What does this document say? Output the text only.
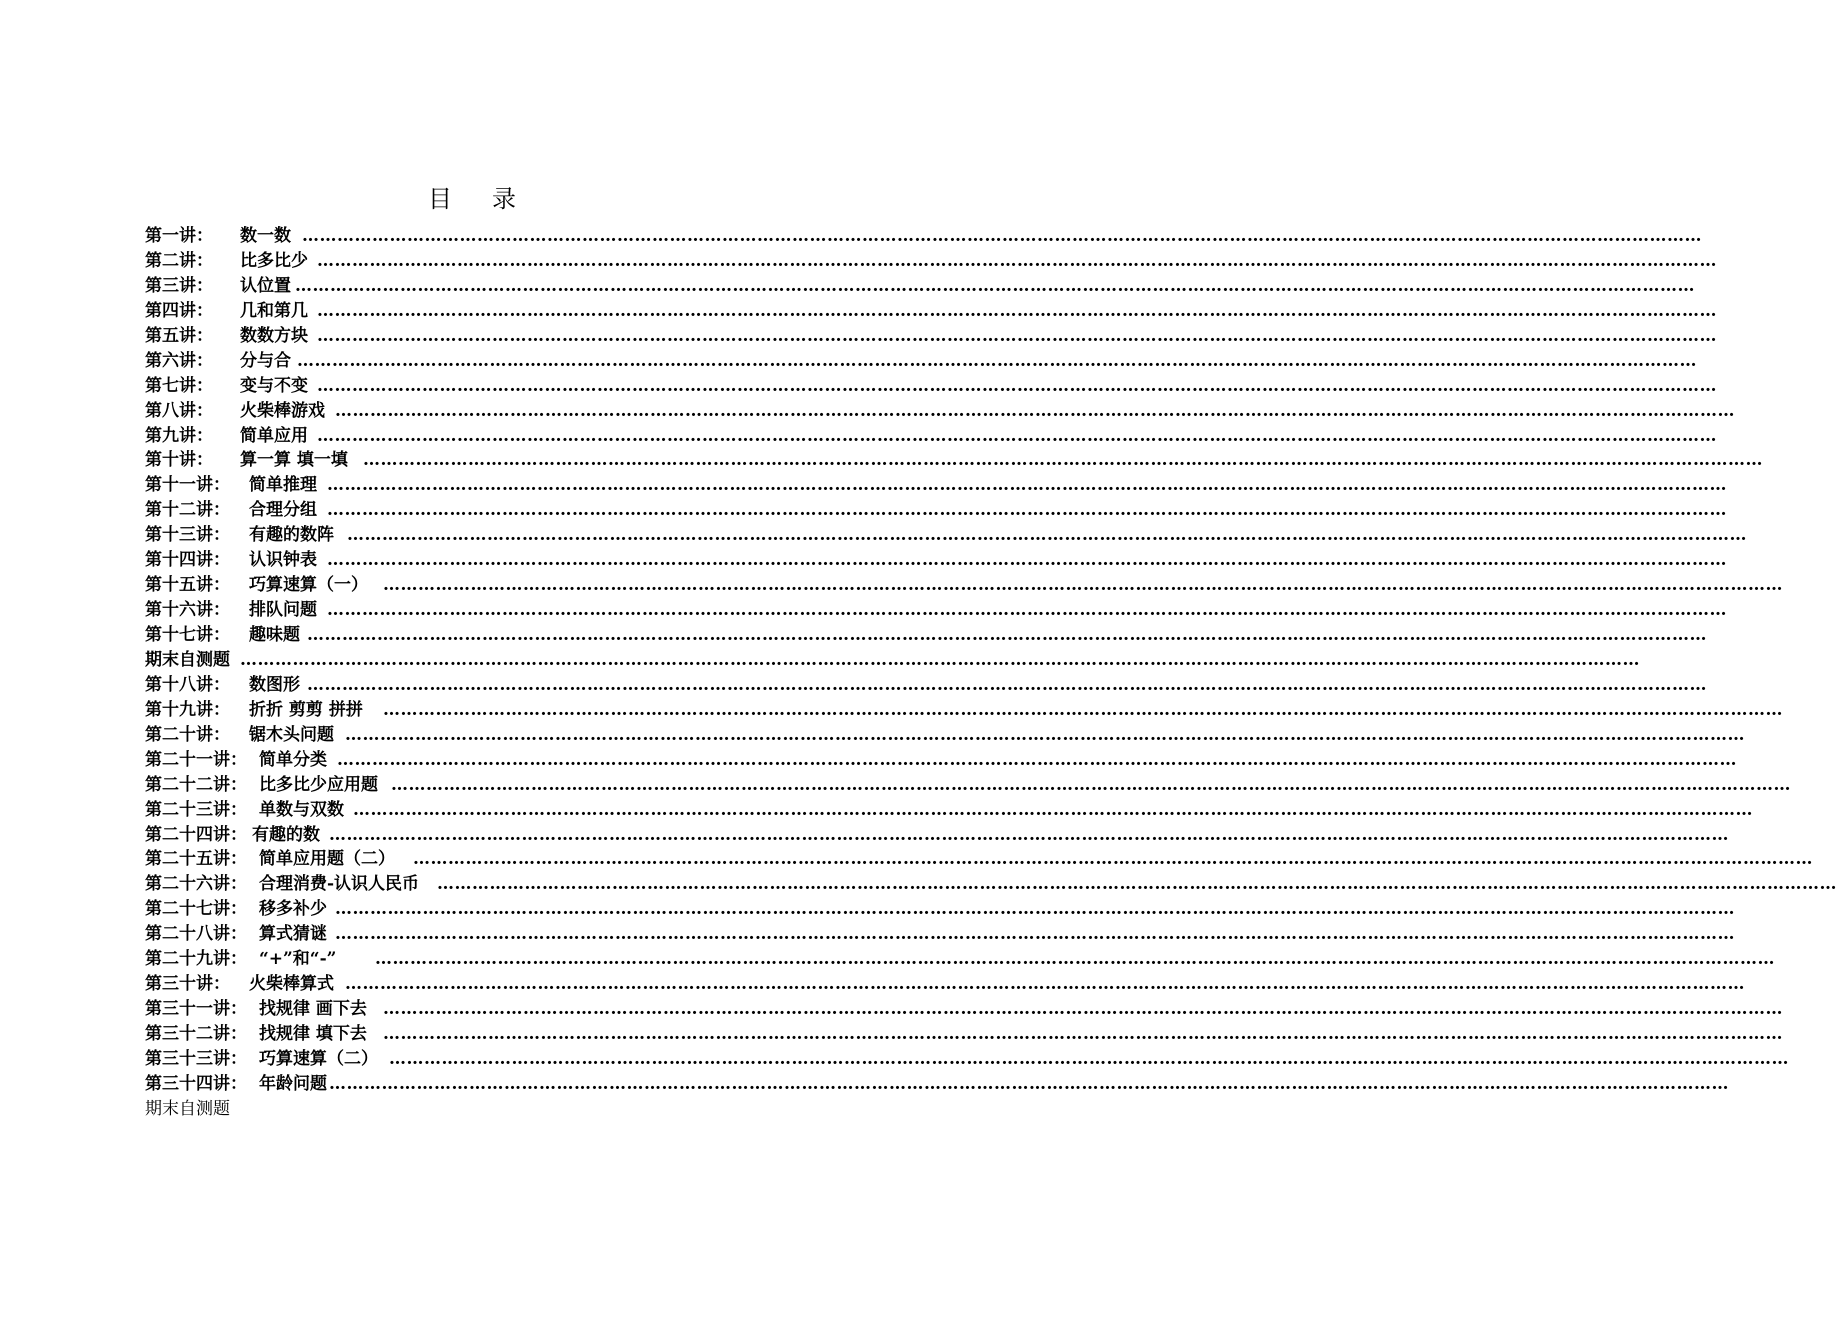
目 录
第一讲： 数一数 ……………………………………………………………………………………………………………………………………………………………………………………………………………………
第二讲： 比多比少 ……………………………………………………………………………………………………………………………………………………………………………………………………………………
第三讲： 认位置 ……………………………………………………………………………………………………………………………………………………………………………………………………………………
第四讲： 几和第几 ……………………………………………………………………………………………………………………………………………………………………………………………………………………
第五讲： 数数方块 ……………………………………………………………………………………………………………………………………………………………………………………………………………………
第六讲： 分与合 ……………………………………………………………………………………………………………………………………………………………………………………………………………………
第七讲： 变与不变 ……………………………………………………………………………………………………………………………………………………………………………………………………………………
第八讲： 火柴棒游戏 ……………………………………………………………………………………………………………………………………………………………………………………………………………………
第九讲： 简单应用 ……………………………………………………………………………………………………………………………………………………………………………………………………………………
第十讲： 算一算 填一填 ……………………………………………………………………………………………………………………………………………………………………………………………………………………
第十一讲： 简单推理 ……………………………………………………………………………………………………………………………………………………………………………………………………………………
第十二讲： 合理分组 ……………………………………………………………………………………………………………………………………………………………………………………………………………………
第十三讲： 有趣的数阵 ……………………………………………………………………………………………………………………………………………………………………………………………………………………
第十四讲： 认识钟表 ……………………………………………………………………………………………………………………………………………………………………………………………………………………
第十五讲： 巧算速算（一） ……………………………………………………………………………………………………………………………………………………………………………………………………………………
第十六讲： 排队问题 ……………………………………………………………………………………………………………………………………………………………………………………………………………………
第十七讲： 趣味题 ……………………………………………………………………………………………………………………………………………………………………………………………………………………
期末自测题 ……………………………………………………………………………………………………………………………………………………………………………………………………………………
第十八讲： 数图形 ……………………………………………………………………………………………………………………………………………………………………………………………………………………
第十九讲： 折折 剪剪 拼拼 ……………………………………………………………………………………………………………………………………………………………………………………………………………………
第二十讲： 锯木头问题 ……………………………………………………………………………………………………………………………………………………………………………………………………………………
第二十一讲： 简单分类 ……………………………………………………………………………………………………………………………………………………………………………………………………………………
第二十二讲： 比多比少应用题 ……………………………………………………………………………………………………………………………………………………………………………………………………………………
第二十三讲： 单数与双数 ……………………………………………………………………………………………………………………………………………………………………………………………………………………
第二十四讲： 有趣的数 ……………………………………………………………………………………………………………………………………………………………………………………………………………………
第二十五讲： 简单应用题（二） ……………………………………………………………………………………………………………………………………………………………………………………………………………………
第二十六讲： 合理消费-认识人民币 ……………………………………………………………………………………………………………………………………………………………………………………………………………………
第二十七讲： 移多补少 ……………………………………………………………………………………………………………………………………………………………………………………………………………………
第二十八讲： 算式猜谜 ……………………………………………………………………………………………………………………………………………………………………………………………………………………
第二十九讲： “+”和“-” ……………………………………………………………………………………………………………………………………………………………………………………………………………………
第三十讲： 火柴棒算式 ……………………………………………………………………………………………………………………………………………………………………………………………………………………
第三十一讲： 找规律 画下去 ……………………………………………………………………………………………………………………………………………………………………………………………………………………
第三十二讲： 找规律 填下去 ……………………………………………………………………………………………………………………………………………………………………………………………………………………
第三十三讲： 巧算速算（二） ……………………………………………………………………………………………………………………………………………………………………………………………………………………
第三十四讲： 年龄问题 ……………………………………………………………………………………………………………………………………………………………………………………………………………………
期末自测题
